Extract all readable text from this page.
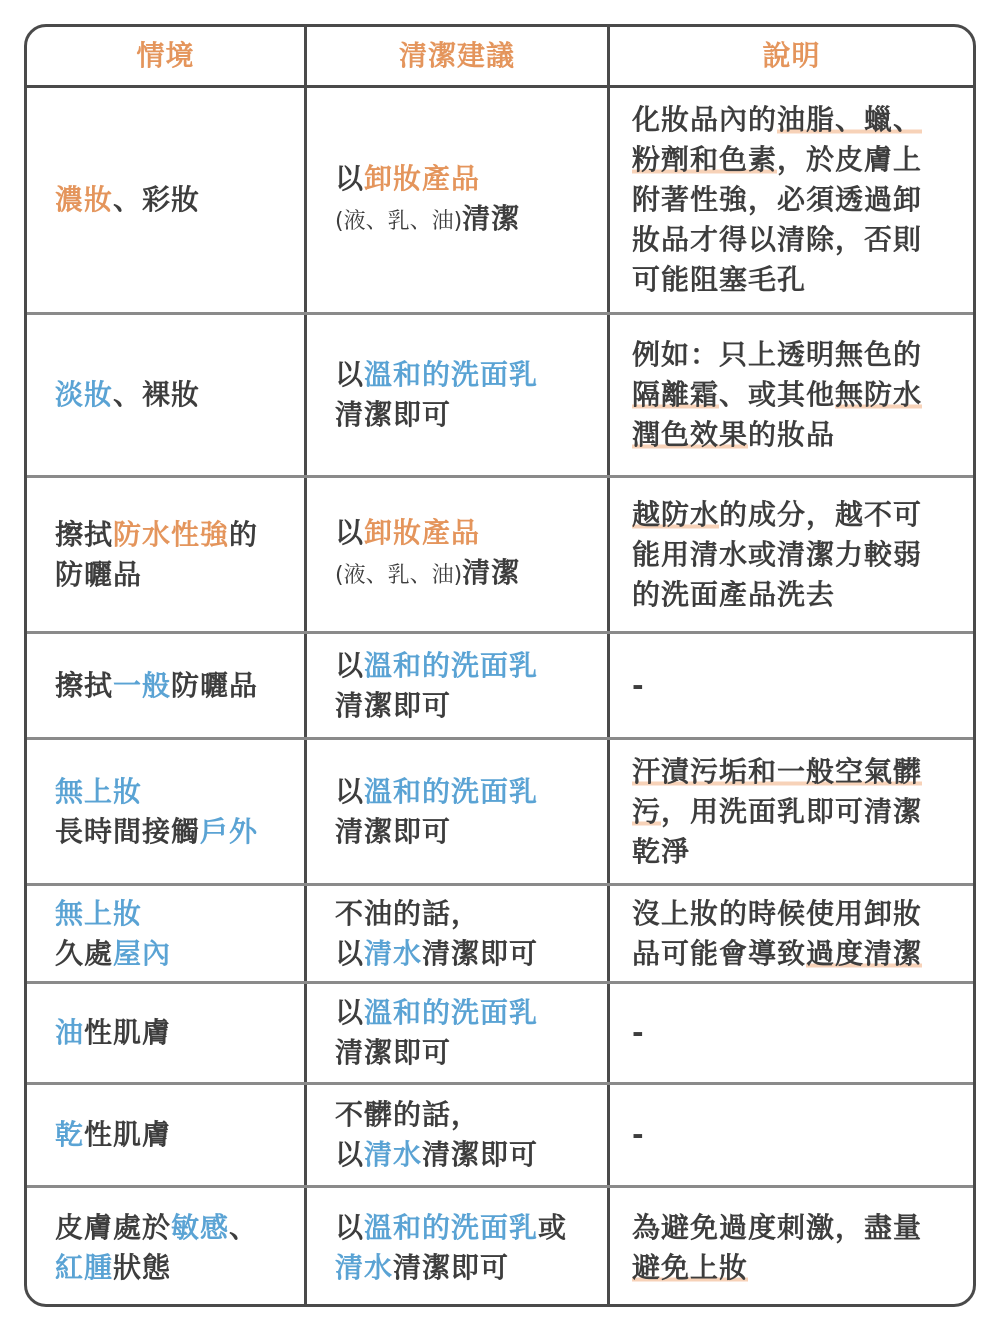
情境	清潔建議	說明
濃妝、彩妝
以卸妝產品
(液、乳、油)清潔
化妝品內的油脂、蠟、
粉劑和色素，於皮膚上
附著性強，必須透過卸
妝品才得以清除，否則
可能阻塞毛孔
淡妝、裸妝
以溫和的洗面乳
清潔即可
例如：只上透明無色的
隔離霜、或其他無防水
潤色效果的妝品
擦拭防水性強的
防曬品
以卸妝產品
(液、乳、油)清潔
越防水的成分，越不可
能用清水或清潔力較弱
的洗面產品洗去
擦拭一般防曬品
以溫和的洗面乳
清潔即可
-
無上妝
長時間接觸戶外
以溫和的洗面乳
清潔即可
汗漬污垢和一般空氣髒
污，用洗面乳即可清潔
乾淨
無上妝
久處屋內
不油的話，
以清水清潔即可
沒上妝的時候使用卸妝
品可能會導致過度清潔
油性肌膚
以溫和的洗面乳
清潔即可
-
乾性肌膚
不髒的話，
以清水清潔即可
-
皮膚處於敏感、
紅腫狀態
以溫和的洗面乳或
清水清潔即可
為避免過度刺激，盡量
避免上妝
